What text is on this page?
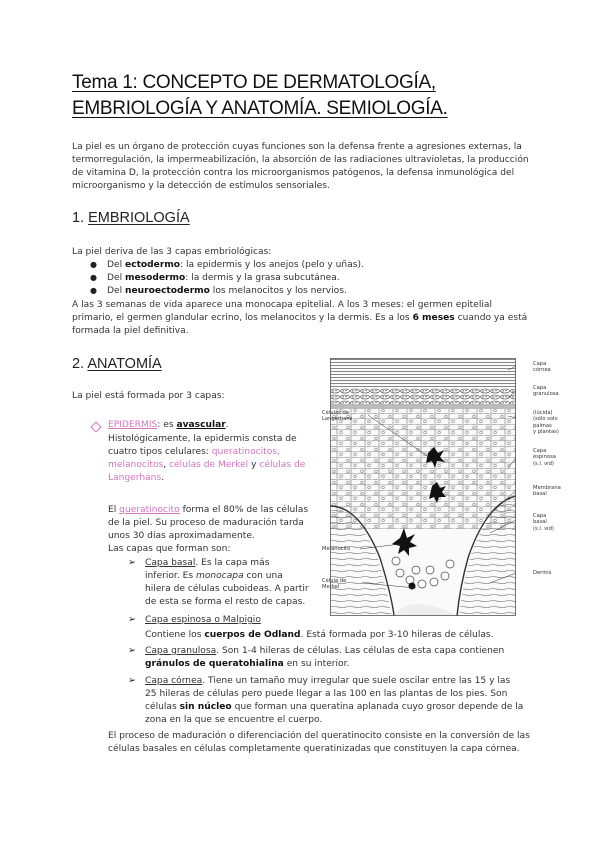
Tema 1: CONCEPTO DE DERMATOLOGÍA,
EMBRIOLOGÍA Y ANATOMÍA. SEMIOLOGÍA.
La piel es un órgano de protección cuyas funciones son la defensa frente a agresiones externas, la
termorregulación, la impermeabilización, la absorción de las radiaciones ultravioletas, la producción
de vitamina D, la protección contra los microorganismos patógenos, la defensa inmunológica del
microorganismo y la detección de estímulos sensoriales.
1. EMBRIOLOGÍA
La piel deriva de las 3 capas embriológicas:
● Del ectodermo: la epidermis y los anejos (pelo y uñas).
● Del mesodermo: la dermis y la grasa subcutánea.
● Del neuroectodermo los melanocitos y los nervios.
A las 3 semanas de vida aparece una monocapa epitelial. A los 3 meses: el germen epitelial
primario, el germen glandular ecrino, los melanocitos y la dermis. Es a los 6 meses cuando ya está
formada la piel definitiva.
2. ANATOMÍA
La piel está formada por 3 capas:
EPIDERMIS: es avascular.
Histológicamente, la epidermis consta de
cuatro tipos celulares: queratinocitos,
melanocitos, células de Merkel y células de
Langerhans.
El queratinocito forma el 80% de las células
de la piel. Su proceso de maduración tarda
unos 30 días aproximadamente.
Las capas que forman son:
➢ Capa basal. Es la capa más
inferior. Es monocapa con una
hilera de células cuboideas. A partir
de esta se forma el resto de capas.
➢ Capa espinosa o Malpigio
Contiene los cuerpos de Odland. Está formada por 3-10 hileras de células.
➢ Capa granulosa. Son 1-4 hileras de células. Las células de esta capa contienen
gránulos de queratohialina en su interior.
➢ Capa córnea. Tiene un tamaño muy irregular que suele oscilar entre las 15 y las
25 hileras de células pero puede llegar a las 100 en las plantas de los pies. Son
células sin núcleo que forman una queratina aplanada cuyo grosor depende de la
zona en la que se encuentre el cuerpo.
El proceso de maduración o diferenciación del queratinocito consiste en la conversión de las
células basales en células completamente queratinizadas que constituyen la capa córnea.
Células de
Langerhans
Melanocito
Célula de
Merkel
Capa
córnea
Capa
granulosa
(lúcida)
(sólo solo
palmas
y plantas)
Capa
espinosa
(s.l. vid)
Membrana
basal
Capa
basal
(s.l. vid)
Dermis
